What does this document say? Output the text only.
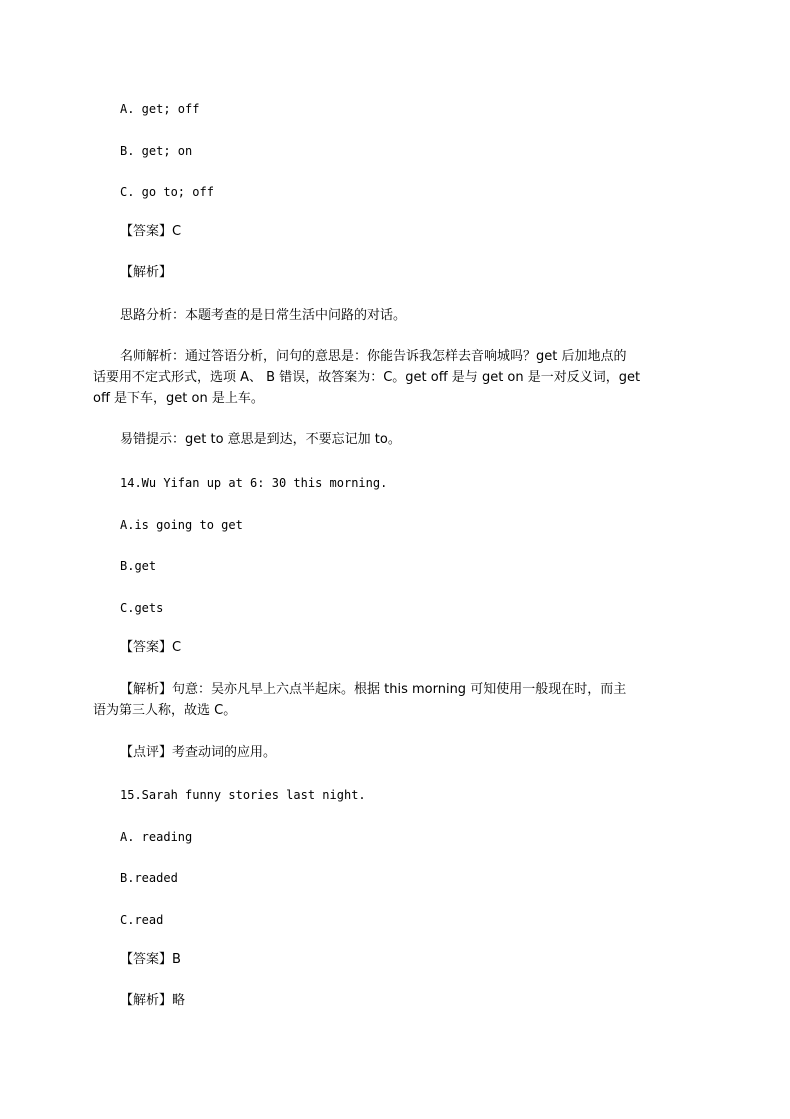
A. get; off
B. get; on
C. go to; off
【答案】C
【解析】
思路分析：本题考查的是日常生活中问路的对话。
名师解析：通过答语分析，问句的意思是：你能告诉我怎样去音响城吗？get 后加地点的
话要用不定式形式，选项 A、 B 错误，故答案为：C。get off 是与 get on 是一对反义词，get
off 是下车，get on 是上车。
易错提示：get to 意思是到达，不要忘记加 to。
14.Wu Yifan up at 6: 30 this morning.
A.is going to get
B.get
C.gets
【答案】C
【解析】句意：吴亦凡早上六点半起床。根据 this morning 可知使用一般现在时，而主
语为第三人称，故选 C。
【点评】考查动词的应用。
15.Sarah funny stories last night.
A. reading
B.readed
C.read
【答案】B
【解析】略
